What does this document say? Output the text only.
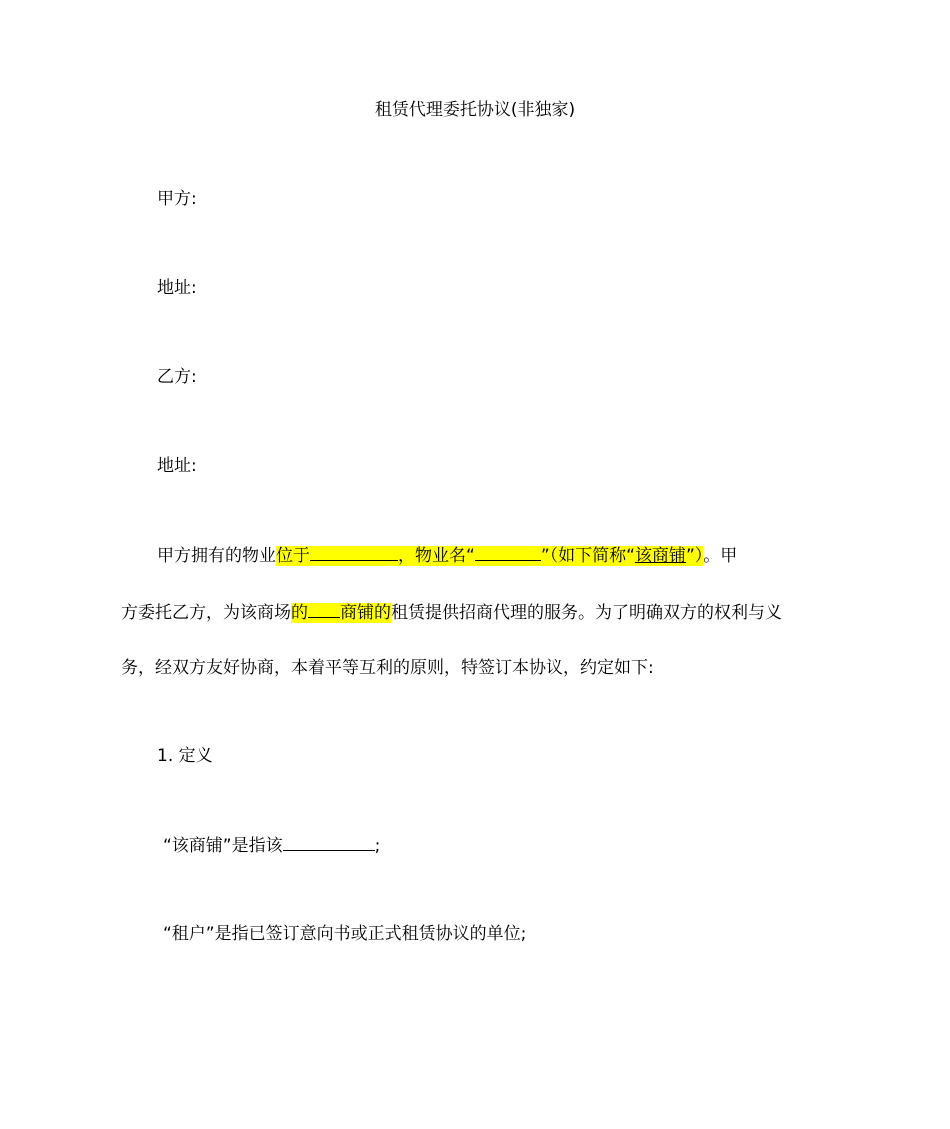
租赁代理委托协议(非独家)
甲方:
地址:
乙方:
地址:
甲方拥有的物业位于	，物业名“	”（如下简称“该商铺”）。甲
方委托乙方，为该商场的 商铺的租赁提供招商代理的服务。为了明确双方的权利与义
务，经双方友好协商，本着平等互利的原则，特签订本协议，约定如下:
1. 定义
“该商铺”是指该	;
“租户”是指已签订意向书或正式租赁协议的单位;
